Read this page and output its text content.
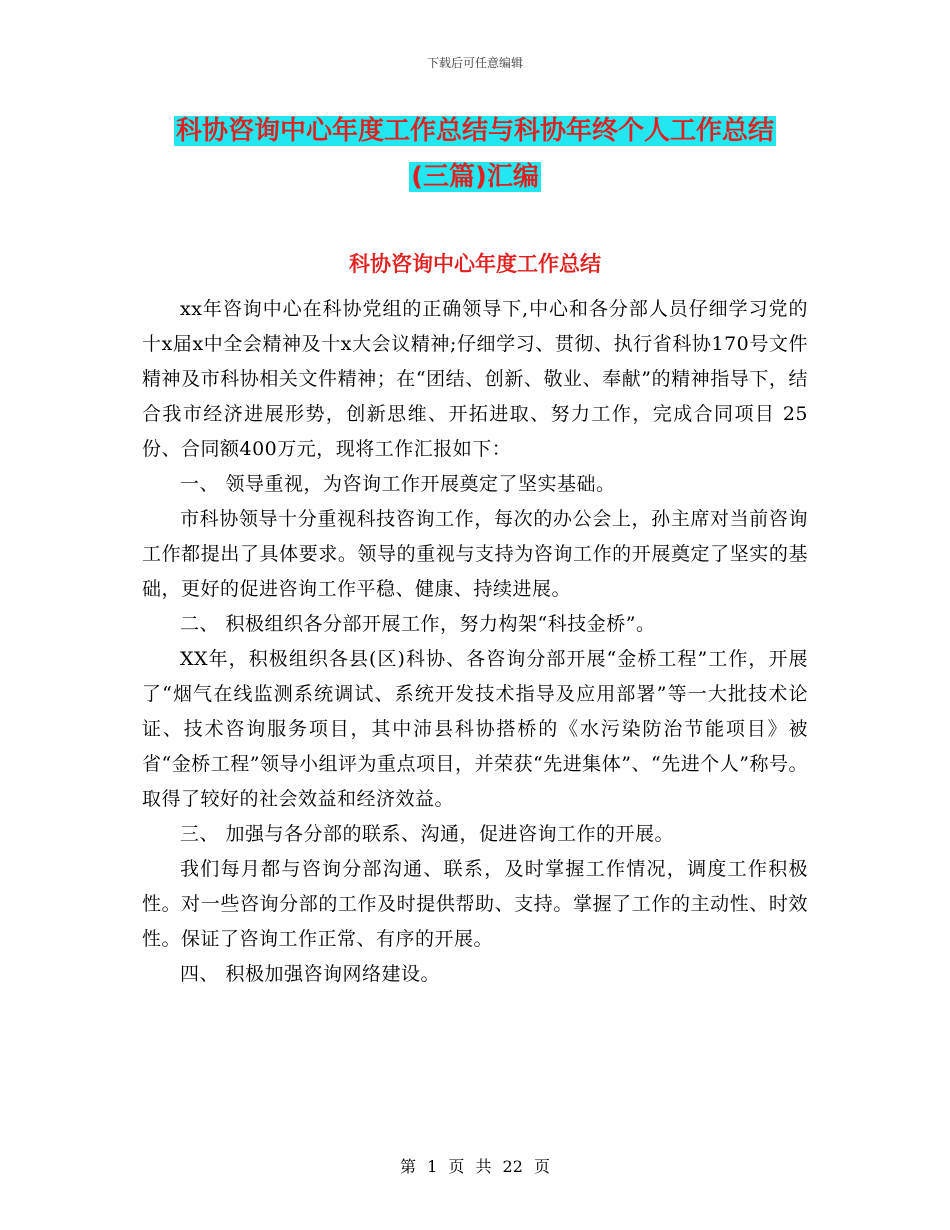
下载后可任意编辑
科协咨询中心年度工作总结与科协年终个人工作总结
(三篇)汇编
科协咨询中心年度工作总结

xx年咨询中心在科协党组的正确领导下,中心和各分部人员仔细学习党的十x届x中全会精神及十x大会议精神;仔细学习、贯彻、执行省科协170号文件精神及市科协相关文件精神；在“团结、创新、敬业、奉献”的精神指导下，结合我市经济进展形势，创新思维、开拓进取、努力工作，完成合同项目 25份、合同额400万元，现将工作汇报如下：

一、 领导重视，为咨询工作开展奠定了坚实基础。

市科协领导十分重视科技咨询工作，每次的办公会上，孙主席对当前咨询工作都提出了具体要求。领导的重视与支持为咨询工作的开展奠定了坚实的基础，更好的促进咨询工作平稳、健康、持续进展。

二、 积极组织各分部开展工作，努力构架“科技金桥”。

XX年，积极组织各县(区)科协、各咨询分部开展“金桥工程”工作，开展了“烟气在线监测系统调试、系统开发技术指导及应用部署”等一大批技术论证、技术咨询服务项目，其中沛县科协搭桥的《水污染防治节能项目》被省“金桥工程”领导小组评为重点项目，并荣获“先进集体”、“先进个人”称号。取得了较好的社会效益和经济效益。

三、 加强与各分部的联系、沟通，促进咨询工作的开展。

我们每月都与咨询分部沟通、联系，及时掌握工作情况，调度工作积极性。对一些咨询分部的工作及时提供帮助、支持。掌握了工作的主动性、时效性。保证了咨询工作正常、有序的开展。

四、 积极加强咨询网络建设。

第 1 页 共 22 页
